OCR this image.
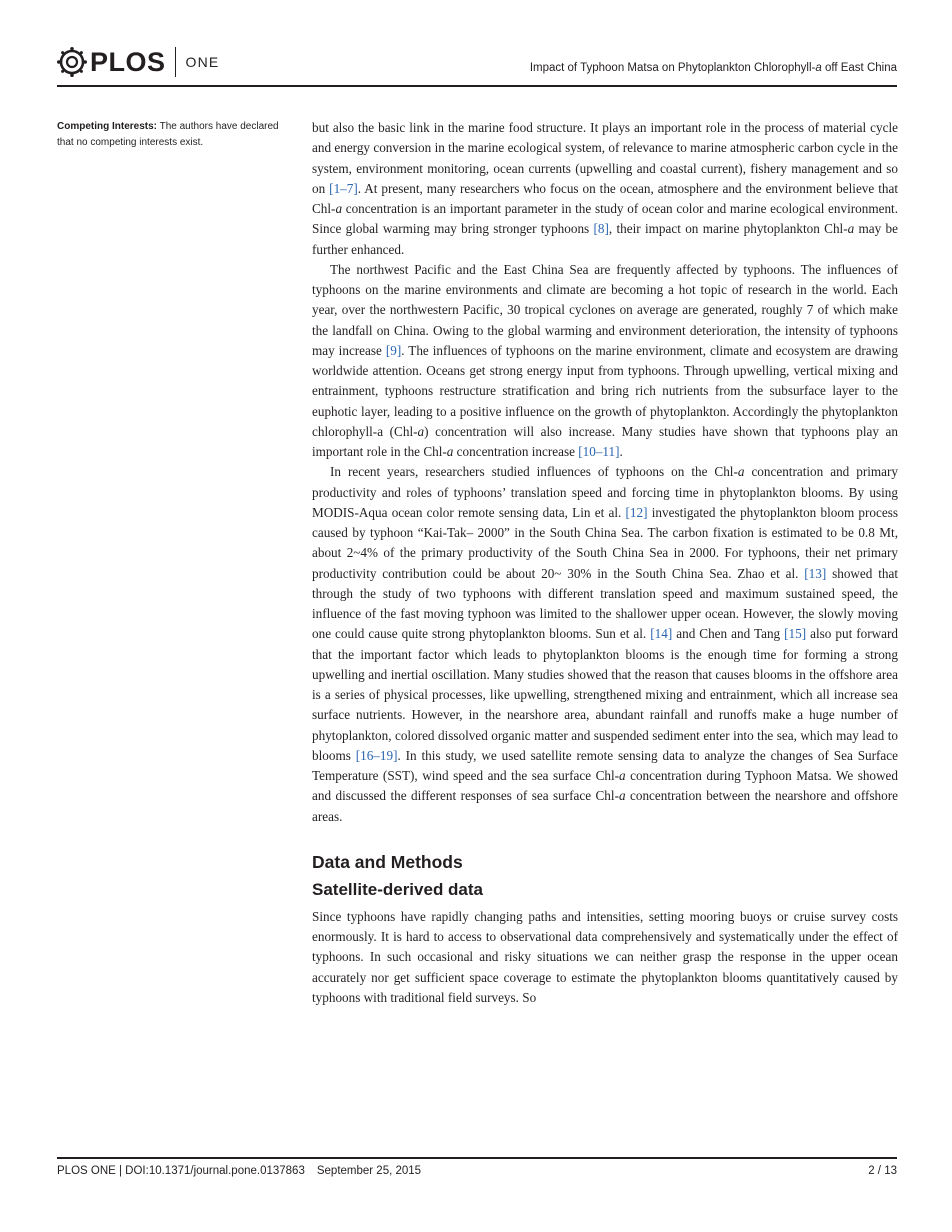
PLOS ONE	Impact of Typhoon Matsa on Phytoplankton Chlorophyll-a off East China
Competing Interests: The authors have declared that no competing interests exist.

but also the basic link in the marine food structure. It plays an important role in the process of material cycle and energy conversion in the marine ecological system, of relevance to marine atmospheric carbon cycle in the system, environment monitoring, ocean currents (upwelling and coastal current), fishery management and so on [1–7]. At present, many researchers who focus on the ocean, atmosphere and the environment believe that Chl-a concentration is an important parameter in the study of ocean color and marine ecological environment. Since global warming may bring stronger typhoons [8], their impact on marine phytoplankton Chl-a may be further enhanced.

The northwest Pacific and the East China Sea are frequently affected by typhoons. The influences of typhoons on the marine environments and climate are becoming a hot topic of research in the world. Each year, over the northwestern Pacific, 30 tropical cyclones on average are generated, roughly 7 of which make the landfall on China. Owing to the global warming and environment deterioration, the intensity of typhoons may increase [9]. The influences of typhoons on the marine environment, climate and ecosystem are drawing worldwide attention. Oceans get strong energy input from typhoons. Through upwelling, vertical mixing and entrainment, typhoons restructure stratification and bring rich nutrients from the subsurface layer to the euphotic layer, leading to a positive influence on the growth of phytoplankton. Accordingly the phytoplankton chlorophyll-a (Chl-a) concentration will also increase. Many studies have shown that typhoons play an important role in the Chl-a concentration increase [10–11].

In recent years, researchers studied influences of typhoons on the Chl-a concentration and primary productivity and roles of typhoons’ translation speed and forcing time in phytoplankton blooms. By using MODIS-Aqua ocean color remote sensing data, Lin et al. [12] investigated the phytoplankton bloom process caused by typhoon “Kai-Tak– 2000” in the South China Sea. The carbon fixation is estimated to be 0.8 Mt, about 2~4% of the primary productivity of the South China Sea in 2000. For typhoons, their net primary productivity contribution could be about 20~ 30% in the South China Sea. Zhao et al. [13] showed that through the study of two typhoons with different translation speed and maximum sustained speed, the influence of the fast moving typhoon was limited to the shallower upper ocean. However, the slowly moving one could cause quite strong phytoplankton blooms. Sun et al. [14] and Chen and Tang [15] also put forward that the important factor which leads to phytoplankton blooms is the enough time for forming a strong upwelling and inertial oscillation. Many studies showed that the reason that causes blooms in the offshore area is a series of physical processes, like upwelling, strengthened mixing and entrainment, which all increase sea surface nutrients. However, in the nearshore area, abundant rainfall and runoffs make a huge number of phytoplankton, colored dissolved organic matter and suspended sediment enter into the sea, which may lead to blooms [16–19]. In this study, we used satellite remote sensing data to analyze the changes of Sea Surface Temperature (SST), wind speed and the sea surface Chl-a concentration during Typhoon Matsa. We showed and discussed the different responses of sea surface Chl-a concentration between the nearshore and offshore areas.

Data and Methods
Satellite-derived data

Since typhoons have rapidly changing paths and intensities, setting mooring buoys or cruise survey costs enormously. It is hard to access to observational data comprehensively and systematically under the effect of typhoons. In such occasional and risky situations we can neither grasp the response in the upper ocean accurately nor get sufficient space coverage to estimate the phytoplankton blooms quantitatively caused by typhoons with traditional field surveys. So

PLOS ONE | DOI:10.1371/journal.pone.0137863 September 25, 2015	2 / 13
